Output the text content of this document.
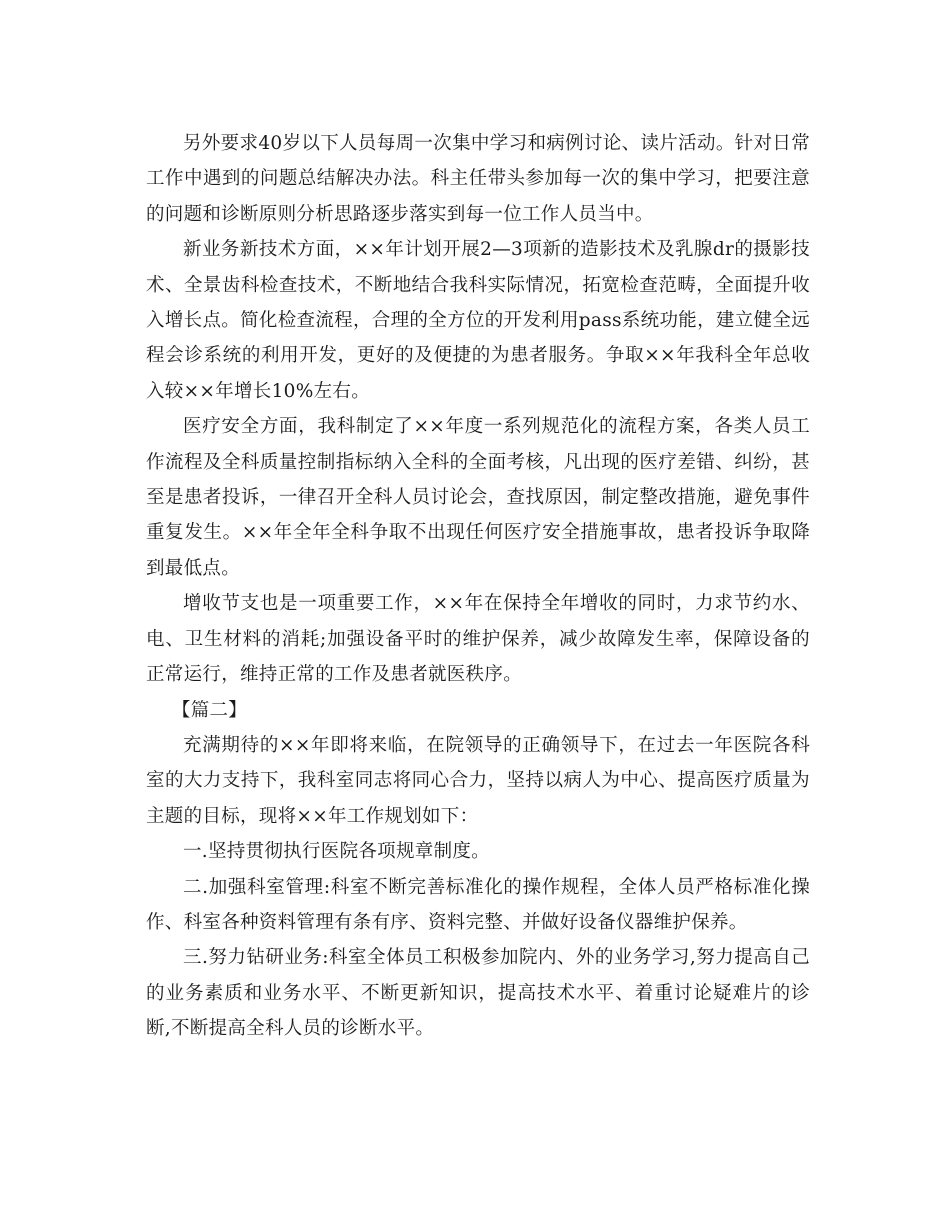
另外要求40岁以下人员每周一次集中学习和病例讨论、读片活动。针对日常工作中遇到的问题总结解决办法。科主任带头参加每一次的集中学习，把要注意的问题和诊断原则分析思路逐步落实到每一位工作人员当中。

新业务新技术方面，××年计划开展2—3项新的造影技术及乳腺dr的摄影技术、全景齿科检查技术，不断地结合我科实际情况，拓宽检查范畴，全面提升收入增长点。简化检查流程，合理的全方位的开发利用pass系统功能，建立健全远程会诊系统的利用开发，更好的及便捷的为患者服务。争取××年我科全年总收入较××年增长10%左右。

医疗安全方面，我科制定了××年度一系列规范化的流程方案，各类人员工作流程及全科质量控制指标纳入全科的全面考核，凡出现的医疗差错、纠纷，甚至是患者投诉，一律召开全科人员讨论会，查找原因，制定整改措施，避免事件重复发生。××年全年全科争取不出现任何医疗安全措施事故，患者投诉争取降到最低点。

增收节支也是一项重要工作，××年在保持全年增收的同时，力求节约水、电、卫生材料的消耗;加强设备平时的维护保养，减少故障发生率，保障设备的正常运行，维持正常的工作及患者就医秩序。

【篇二】

充满期待的××年即将来临，在院领导的正确领导下，在过去一年医院各科室的大力支持下，我科室同志将同心合力，坚持以病人为中心、提高医疗质量为主题的目标，现将××年工作规划如下：

一.坚持贯彻执行医院各项规章制度。

二.加强科室管理:科室不断完善标准化的操作规程，全体人员严格标准化操作、科室各种资料管理有条有序、资料完整、并做好设备仪器维护保养。

三.努力钻研业务:科室全体员工积极参加院内、外的业务学习,努力提高自己的业务素质和业务水平、不断更新知识，提高技术水平、着重讨论疑难片的诊断,不断提高全科人员的诊断水平。
